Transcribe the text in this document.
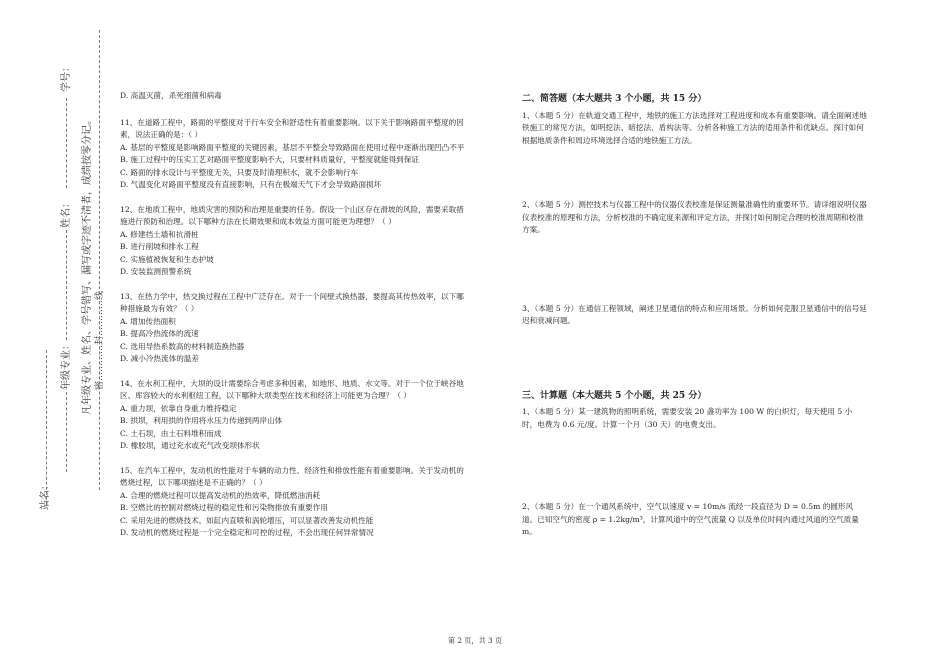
学号：
姓名：
年级专业：
站名：
凡年级专业、姓名、学号错写、漏写或字迹不清者，成绩按零分记。 密…………封…………线

D. 高温灭菌，杀死细菌和病毒

11、在道路工程中，路面的平整度对于行车安全和舒适性有着重要影响。以下关于影响路面平整度的因素，说法正确的是：（ ）

A. 基层的平整度是影响路面平整度的关键因素，基层不平整会导致路面在使用过程中逐渐出现凹凸不平

B. 施工过程中的压实工艺对路面平整度影响不大，只要材料质量好，平整度就能得到保证

C. 路面的排水设计与平整度无关，只要及时清理积水，就不会影响行车

D. 气温变化对路面平整度没有直接影响，只有在极端天气下才会导致路面损坏

12、在地质工程中，地质灾害的预防和治理是重要的任务。假设一个山区存在滑坡的风险，需要采取措施进行预防和治理。以下哪种方法在长期效果和成本效益方面可能更为理想？（ ）

A. 修建挡土墙和抗滑桩

B. 进行削坡和排水工程

C. 实施植被恢复和生态护坡

D. 安装监测预警系统

13、在热力学中，热交换过程在工程中广泛存在。对于一个间壁式换热器，要提高其传热效率，以下哪种措施最为有效？（ ）

A. 增加传热面积

B. 提高冷热流体的流速

C. 选用导热系数高的材料制造换热器

D. 减小冷热流体的温差

14、在水利工程中，大坝的设计需要综合考虑多种因素，如地形、地质、水文等。对于一个位于峡谷地区、库容较大的水利枢纽工程，以下哪种大坝类型在技术和经济上可能更为合理？（ ）

A. 重力坝，依靠自身重力维持稳定

B. 拱坝，利用拱的作用将水压力传递到两岸山体

C. 土石坝，由土石料堆积而成

D. 橡胶坝，通过充水或充气改变坝体形状

15、在汽车工程中，发动机的性能对于车辆的动力性、经济性和排放性能有着重要影响。关于发动机的燃烧过程，以下哪项描述是不正确的？（ ）

A. 合理的燃烧过程可以提高发动机的热效率，降低燃油消耗

B. 空燃比的控制对燃烧过程的稳定性和污染物排放有重要作用

C. 采用先进的燃烧技术，如缸内直喷和涡轮增压，可以显著改善发动机性能

D. 发动机的燃烧过程是一个完全稳定和可控的过程，不会出现任何异常情况

二、简答题（本大题共 3 个小题，共 15 分）

1、（本题 5 分）在轨道交通工程中，地铁的施工方法选择对工程进度和成本有重要影响。请全面阐述地铁施工的常见方法，如明挖法、暗挖法、盾构法等。分析各种施工方法的适用条件和优缺点。探讨如何根据地质条件和周边环境选择合适的地铁施工方法。

2、（本题 5 分）测控技术与仪器工程中的仪器仪表校准是保证测量准确性的重要环节。请详细说明仪器仪表校准的原理和方法，分析校准的不确定度来源和评定方法，并探讨如何制定合理的校准周期和校准方案。

3、（本题 5 分）在通信工程领域，阐述卫星通信的特点和应用场景。分析如何克服卫星通信中的信号延迟和衰减问题。

三、计算题（本大题共 5 个小题，共 25 分）

1、（本题 5 分）某一建筑物的照明系统，需要安装 20 盏功率为 100 W 的白炽灯，每天使用 5 小时，电费为 0.6 元/度。计算一个月（30 天）的电费支出。

2、（本题 5 分）在一个通风系统中，空气以速度 v = 10m/s 流经一段直径为 D = 0.5m 的圆形风道。已知空气的密度 ρ = 1.2kg/m³，计算风道中的空气流量 Q 以及单位时间内通过风道的空气质量 m。

第 2 页，共 3 页
